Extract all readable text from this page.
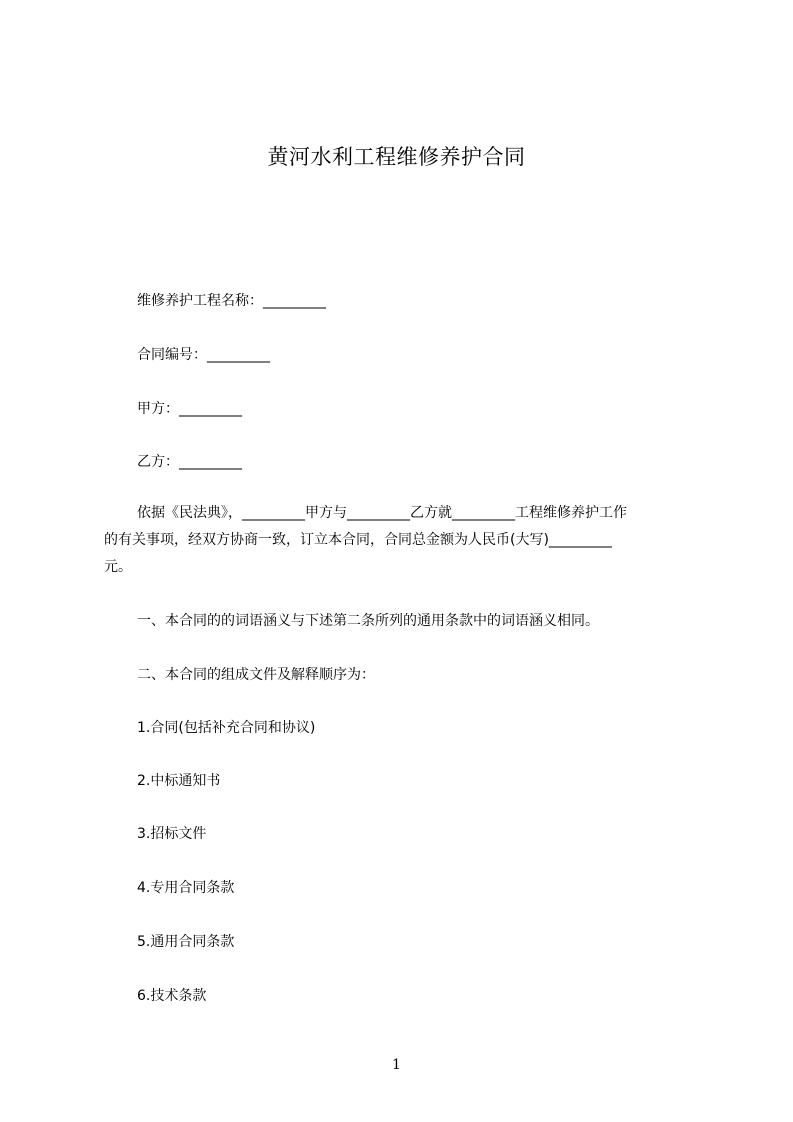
黄河水利工程维修养护合同
维修养护工程名称：_________
合同编号：_________
甲方：_________
乙方：_________
依据《民法典》，_________甲方与_________乙方就_________工程维修养护工作
的有关事项，经双方协商一致，订立本合同，合同总金额为人民币(大写)_________
元。
一、本合同的的词语涵义与下述第二条所列的通用条款中的词语涵义相同。
二、本合同的组成文件及解释顺序为：
1.合同(包括补充合同和协议)
2.中标通知书
3.招标文件
4.专用合同条款
5.通用合同条款
6.技术条款
1
